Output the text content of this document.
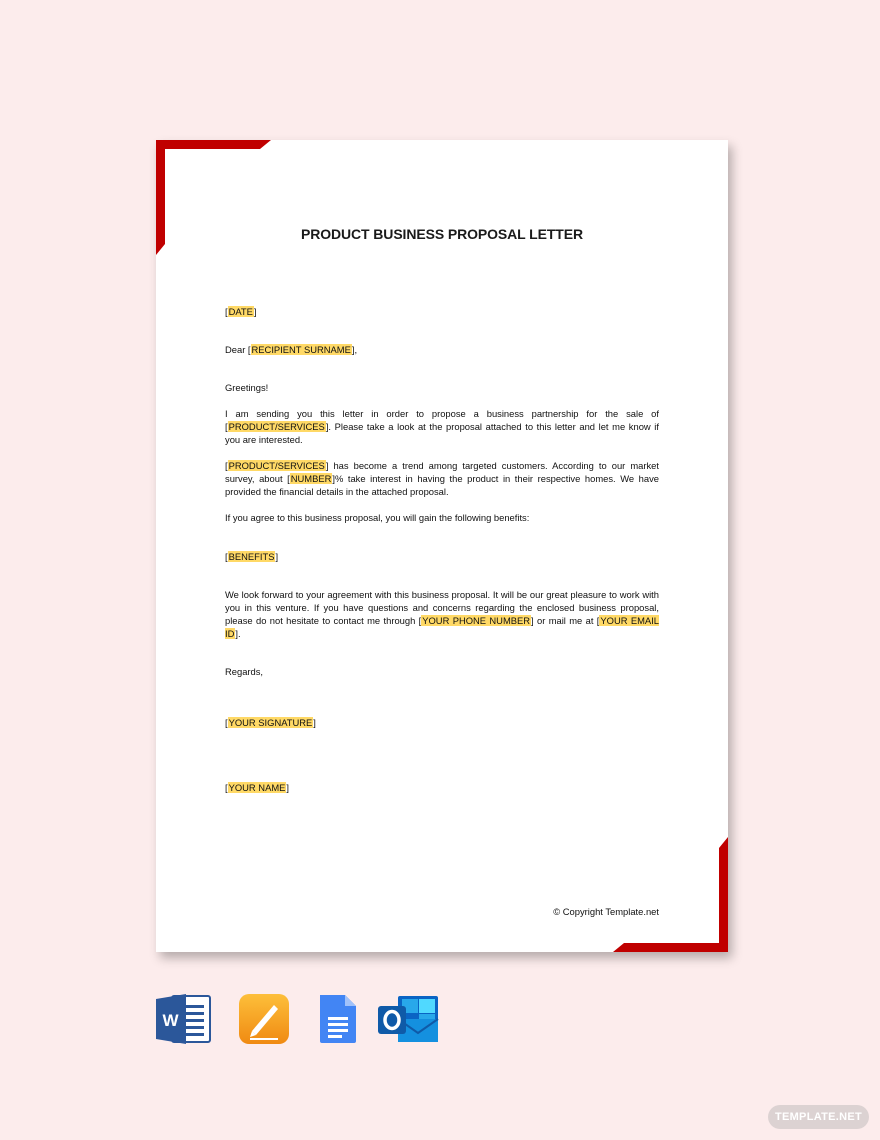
PRODUCT BUSINESS PROPOSAL LETTER
[DATE]
Dear [RECIPIENT SURNAME],
Greetings!
I am sending you this letter in order to propose a business partnership for the sale of [PRODUCT/SERVICES]. Please take a look at the proposal attached to this letter and let me know if you are interested.
[PRODUCT/SERVICES] has become a trend among targeted customers. According to our market survey, about [NUMBER]% take interest in having the product in their respective homes. We have provided the financial details in the attached proposal.
If you agree to this business proposal, you will gain the following benefits:
[BENEFITS]
We look forward to your agreement with this business proposal. It will be our great pleasure to work with you in this venture. If you have questions and concerns regarding the enclosed business proposal, please do not hesitate to contact me through [YOUR PHONE NUMBER] or mail me at [YOUR EMAIL ID].
Regards,
[YOUR SIGNATURE]
[YOUR NAME]
© Copyright Template.net
W
TEMPLATE.NET
